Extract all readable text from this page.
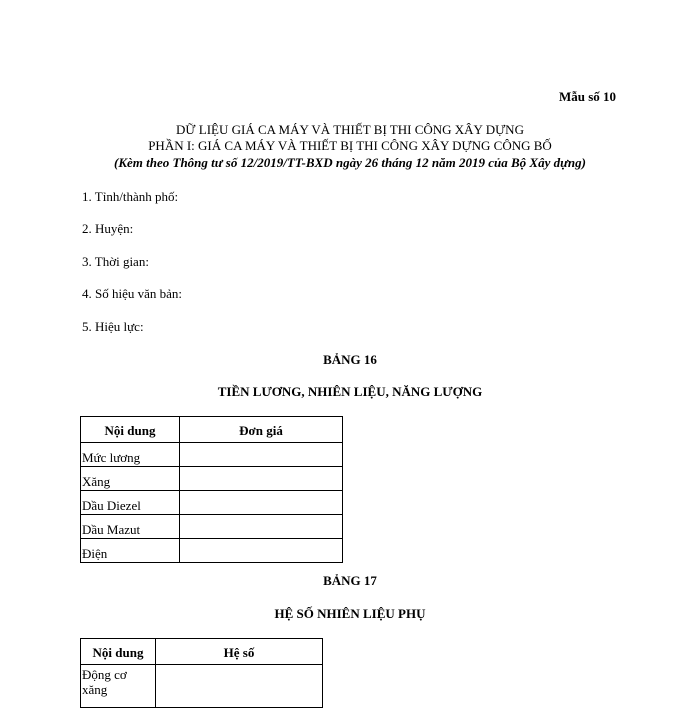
Mẫu số 10
DỮ LIỆU GIÁ CA MÁY VÀ THIẾT BỊ THI CÔNG XÂY DỰNG
PHẦN I: GIÁ CA MÁY VÀ THIẾT BỊ THI CÔNG XÂY DỰNG CÔNG BỐ
(Kèm theo Thông tư số 12/2019/TT-BXD ngày 26 tháng 12 năm 2019 của Bộ Xây dựng)
1. Tỉnh/thành phố:
2. Huyện:
3. Thời gian:
4. Số hiệu văn bản:
5. Hiệu lực:
BẢNG 16
TIỀN LƯƠNG, NHIÊN LIỆU, NĂNG LƯỢNG
Nội dung	Đơn giá
Mức lương	
Xăng	
Dầu Diezel	
Dầu Mazut	
Điện	
BẢNG 17
HỆ SỐ NHIÊN LIỆU PHỤ
Nội dung	Hệ số
Động cơ xăng	
